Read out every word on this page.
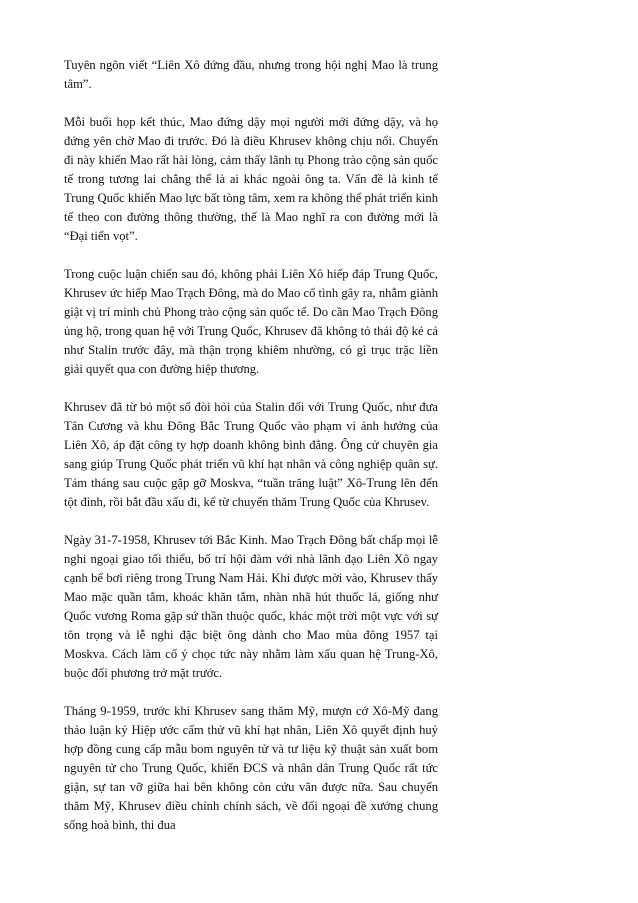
Tuyên ngôn viết “Liên Xô đứng đầu, nhưng trong hội nghị Mao là trung tâm”.

Mỗi buổi họp kết thúc, Mao đứng dậy mọi người mới đứng dậy, và họ đứng yên chờ Mao đi trước. Đó là điều Khrusev không chịu nổi. Chuyến đi này khiến Mao rất hài lòng, cảm thấy lãnh tụ Phong trào cộng sản quốc tế trong tương lai chẳng thể là ai khác ngoài ông ta. Vấn đề là kinh tế Trung Quốc khiến Mao lực bất tòng tâm, xem ra không thể phát triển kinh tế theo con đường thông thường, thế là Mao nghĩ ra con đường mới là “Đại tiến vọt”.

Trong cuộc luận chiến sau đó, không phải Liên Xô hiếp đáp Trung Quốc, Khrusev ức hiếp Mao Trạch Đông, mà do Mao cố tình gây ra, nhằm giành giật vị trí minh chủ Phong trào cộng sản quốc tế. Do cần Mao Trạch Đông ủng hộ, trong quan hệ với Trung Quốc, Khrusev đã không tỏ thái độ kẻ cả như Stalin trước đây, mà thận trọng khiêm nhường, có gì trục trặc liền giải quyết qua con đường hiệp thương.

Khrusev đã từ bỏ một số đòi hỏi của Stalin đối với Trung Quốc, như đưa Tân Cương và khu Đông Bắc Trung Quốc vào phạm vi ảnh hưởng của Liên Xô, áp đặt công ty hợp doanh không bình đẳng. Ông cử chuyên gia sang giúp Trung Quốc phát triển vũ khí hạt nhân và công nghiệp quân sự. Tám tháng sau cuộc gặp gỡ Moskva, “tuần trăng luật” Xô-Trung lên đến tột đỉnh, rồi bắt đầu xấu đi, kể từ chuyến thăm Trung Quốc của Khrusev.

Ngày 31-7-1958, Khrusev tới Bắc Kinh. Mao Trạch Đông bất chấp mọi lễ nghi ngoại giao tối thiểu, bố trí hội đàm với nhà lãnh đạo Liên Xô ngay cạnh bể bơi riêng trong Trung Nam Hải. Khi được mời vào, Khrusev thấy Mao mặc quần tắm, khoác khăn tắm, nhàn nhã hút thuốc lá, giống như Quốc vương Roma gặp sứ thần thuộc quốc, khác một trời một vực với sự tôn trọng và lễ nghi đặc biệt ông dành cho Mao mùa đông 1957 tại Moskva. Cách làm cố ý chọc tức này nhằm làm xấu quan hệ Trung-Xô, buộc đối phương trở mặt trước.

Tháng 9-1959, trước khi Khrusev sang thăm Mỹ, mượn cớ Xô-Mỹ đang thảo luận ký Hiệp ước cấm thử vũ khí hạt nhân, Liên Xô quyết định huỷ hợp đồng cung cấp mẫu bom nguyên tử và tư liệu kỹ thuật sản xuất bom nguyên tử cho Trung Quốc, khiến ĐCS và nhân dân Trung Quốc rất tức giận, sự tan vỡ giữa hai bên không còn cứu vãn được nữa. Sau chuyến thăm Mỹ, Khrusev điều chỉnh chính sách, về đối ngoại đề xướng chung sống hoà bình, thi đua
